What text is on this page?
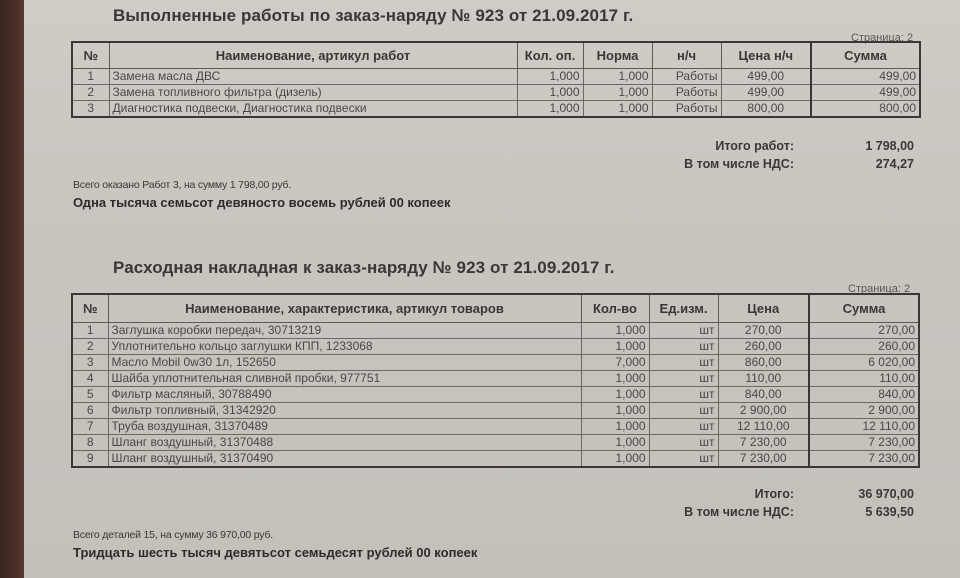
Выполненные работы по заказ-наряду № 923 от 21.09.2017 г.
Страница: 2
№	Наименование, артикул работ	Кол. оп.	Норма	н/ч	Цена н/ч	Сумма
1	Замена масла ДВС	1,000	1,000	Работы	499,00	499,00
2	Замена топливного фильтра (дизель)	1,000	1,000	Работы	499,00	499,00
3	Диагностика подвески, Диагностика подвески	1,000	1,000	Работы	800,00	800,00
Итого работ:	1 798,00
В том числе НДС:	274,27
Всего оказано Работ 3, на сумму 1 798,00 руб.
Одна тысяча семьсот девяносто восемь рублей 00 копеек
Расходная накладная к заказ-наряду № 923 от 21.09.2017 г.
Страница: 2
№	Наименование, характеристика, артикул товаров	Кол-во	Ед.изм.	Цена	Сумма
1	Заглушка коробки передач, 30713219	1,000	шт	270,00	270,00
2	Уплотнительно кольцо заглушки КПП, 1233068	1,000	шт	260,00	260,00
3	Масло Mobil 0w30 1л, 152650	7,000	шт	860,00	6 020,00
4	Шайба уплотнительная сливной пробки, 977751	1,000	шт	110,00	110,00
5	Фильтр масляный, 30788490	1,000	шт	840,00	840,00
6	Фильтр топливный, 31342920	1,000	шт	2 900,00	2 900,00
7	Труба воздушная, 31370489	1,000	шт	12 110,00	12 110,00
8	Шланг воздушный, 31370488	1,000	шт	7 230,00	7 230,00
9	Шланг воздушный, 31370490	1,000	шт	7 230,00	7 230,00
Итого:	36 970,00
В том числе НДС:	5 639,50
Всего деталей 15, на сумму 36 970,00 руб.
Тридцать шесть тысяч девятьсот семьдесят рублей 00 копеек
